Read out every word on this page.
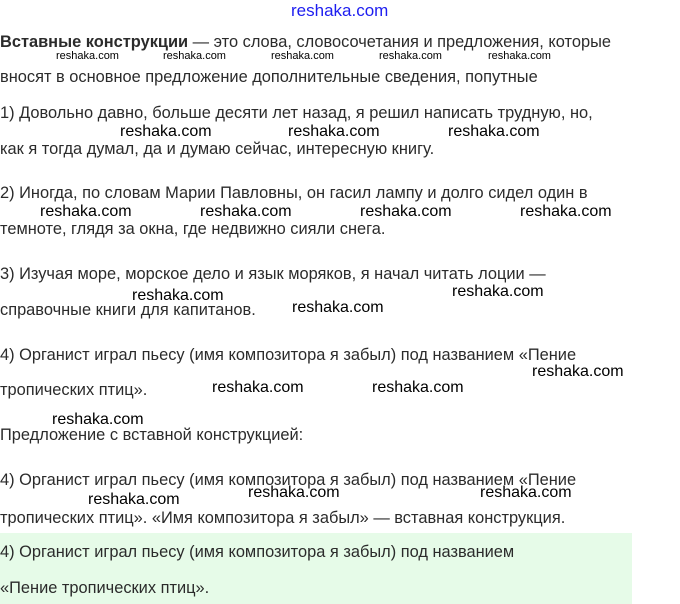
reshaka.com
Вставные конструкции — это слова, словосочетания и предложения, которые
вносят в основное предложение дополнительные сведения, попутные
1) Довольно давно, больше десяти лет назад, я решил написать трудную, но,
как я тогда думал, да и думаю сейчас, интересную книгу.
2) Иногда, по словам Марии Павловны, он гасил лампу и долго сидел один в
темноте, глядя за окна, где недвижно сияли снега.
3) Изучая море, морское дело и язык моряков, я начал читать лоции —
справочные книги для капитанов.
4) Органист играл пьесу (имя композитора я забыл) под названием «Пение
тропических птиц».
Предложение с вставной конструкцией:
4) Органист играл пьесу (имя композитора я забыл) под названием «Пение
тропических птиц». «Имя композитора я забыл» — вставная конструкция.
4) Органист играл пьесу (имя композитора я забыл) под названием
«Пение тропических птиц».
reshaka.com	reshaka.com	reshaka.com	reshaka.com	reshaka.com
reshaka.com	reshaka.com	reshaka.com
reshaka.com	reshaka.com	reshaka.com	reshaka.com
reshaka.com	reshaka.com
reshaka.com
reshaka.com
reshaka.com	reshaka.com
reshaka.com
reshaka.com	reshaka.com
reshaka.com
